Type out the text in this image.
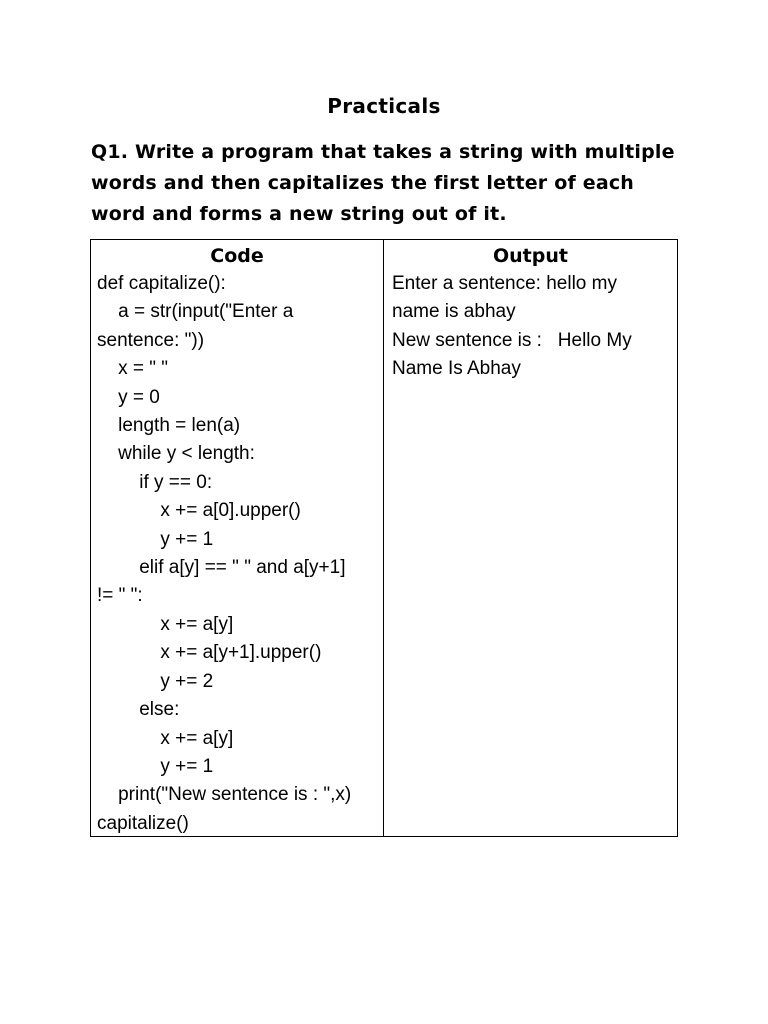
Practicals
Q1. Write a program that takes a string with multiple
words and then capitalizes the first letter of each
word and forms a new string out of it.
Code
def capitalize():
a = str(input("Enter a
sentence: "))
x = " "
y = 0
length = len(a)
while y < length:
if y == 0:
x += a[0].upper()
y += 1
elif a[y] == " " and a[y+1]
!= " ":
x += a[y]
x += a[y+1].upper()
y += 2
else:
x += a[y]
y += 1
print("New sentence is : ",x)
capitalize()
Output
Enter a sentence: hello my
name is abhay
New sentence is :   Hello My
Name Is Abhay
